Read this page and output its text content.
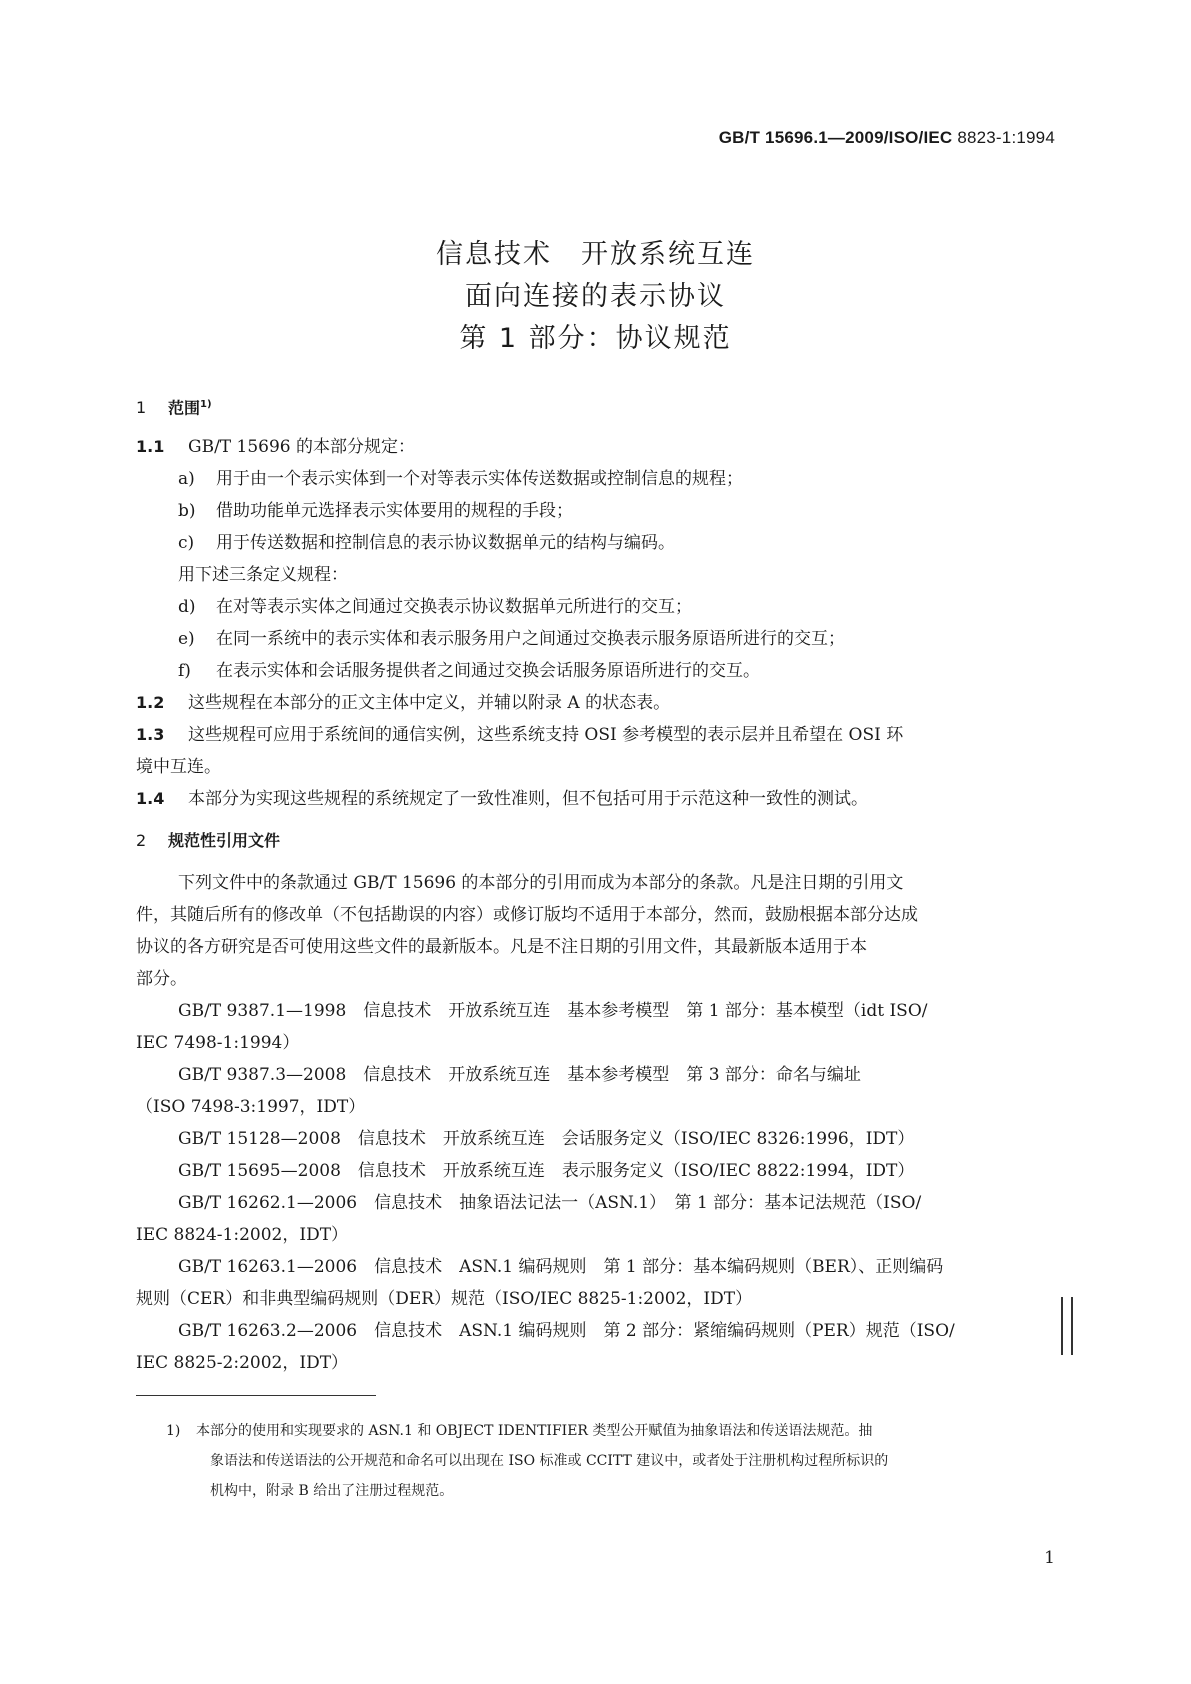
GB/T 15696.1—2009/ISO/IEC 8823-1:1994
信息技术　开放系统互连
面向连接的表示协议
第 1 部分：协议规范
1 范围$^{1)}$
1.1 GB/T 15696 的本部分规定：
a) 用于由一个表示实体到一个对等表示实体传送数据或控制信息的规程；
b) 借助功能单元选择表示实体要用的规程的手段；
c) 用于传送数据和控制信息的表示协议数据单元的结构与编码。
用下述三条定义规程：
d) 在对等表示实体之间通过交换表示协议数据单元所进行的交互；
e) 在同一系统中的表示实体和表示服务用户之间通过交换表示服务原语所进行的交互；
f) 在表示实体和会话服务提供者之间通过交换会话服务原语所进行的交互。
1.2 这些规程在本部分的正文主体中定义，并辅以附录 A 的状态表。
1.3 这些规程可应用于系统间的通信实例，这些系统支持 OSI 参考模型的表示层并且希望在 OSI 环
境中互连。
1.4 本部分为实现这些规程的系统规定了一致性准则，但不包括可用于示范这种一致性的测试。
2 规范性引用文件
下列文件中的条款通过 GB/T 15696 的本部分的引用而成为本部分的条款。凡是注日期的引用文
件，其随后所有的修改单（不包括勘误的内容）或修订版均不适用于本部分，然而，鼓励根据本部分达成
协议的各方研究是否可使用这些文件的最新版本。凡是不注日期的引用文件，其最新版本适用于本
部分。
GB/T 9387.1—1998　信息技术　开放系统互连　基本参考模型　第 1 部分：基本模型（idt ISO/
IEC 7498-1:1994）
GB/T 9387.3—2008　信息技术　开放系统互连　基本参考模型　第 3 部分：命名与编址
（ISO 7498-3:1997，IDT）
GB/T 15128—2008　信息技术　开放系统互连　会话服务定义（ISO/IEC 8326:1996，IDT）
GB/T 15695—2008　信息技术　开放系统互连　表示服务定义（ISO/IEC 8822:1994，IDT）
GB/T 16262.1—2006　信息技术　抽象语法记法一（ASN.1）　第 1 部分：基本记法规范（ISO/
IEC 8824-1:2002，IDT）
GB/T 16263.1—2006　信息技术　ASN.1 编码规则　第 1 部分：基本编码规则（BER）、正则编码
规则（CER）和非典型编码规则（DER）规范（ISO/IEC 8825-1:2002，IDT）
GB/T 16263.2—2006　信息技术　ASN.1 编码规则　第 2 部分：紧缩编码规则（PER）规范（ISO/
IEC 8825-2:2002，IDT）
1) 本部分的使用和实现要求的 ASN.1 和 OBJECT IDENTIFIER 类型公开赋值为抽象语法和传送语法规范。抽
象语法和传送语法的公开规范和命名可以出现在 ISO 标准或 CCITT 建议中，或者处于注册机构过程所标识的
机构中，附录 B 给出了注册过程规范。
1
